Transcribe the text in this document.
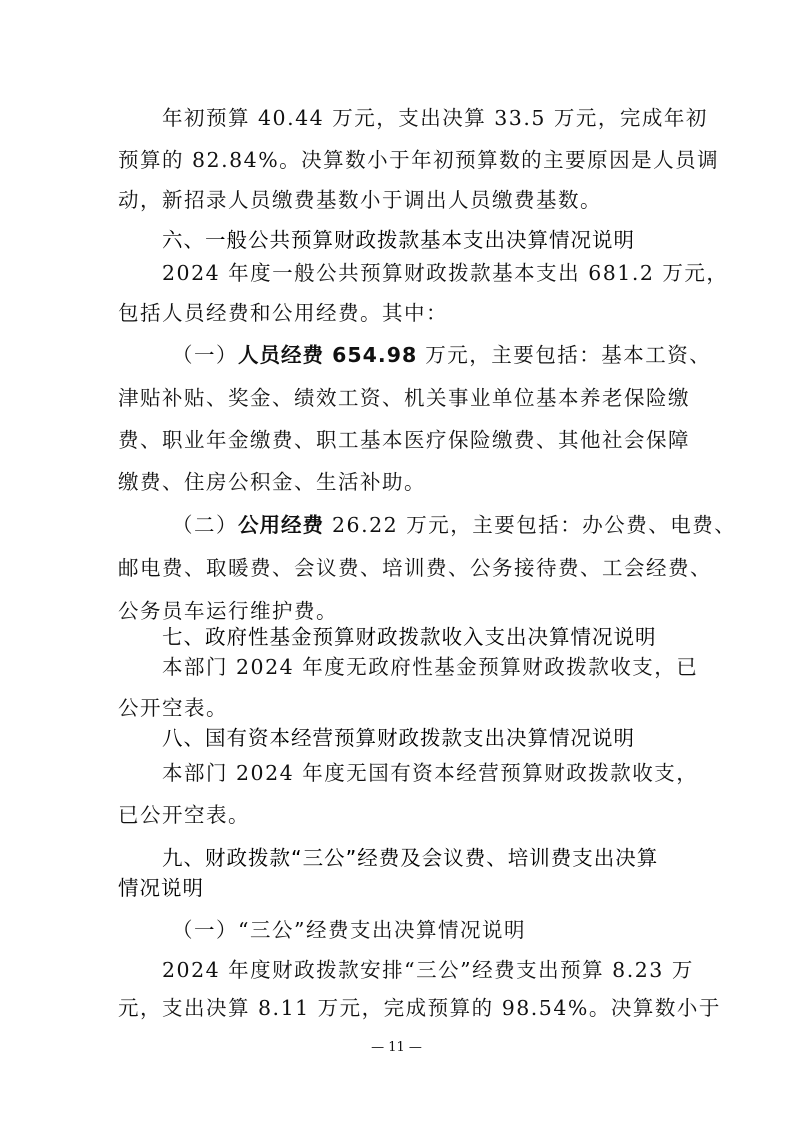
年初预算 40.44 万元，支出决算 33.5 万元，完成年初
预算的 82.84%。决算数小于年初预算数的主要原因是人员调
动，新招录人员缴费基数小于调出人员缴费基数。
六、一般公共预算财政拨款基本支出决算情况说明
2024 年度一般公共预算财政拨款基本支出 681.2 万元，
包括人员经费和公用经费。其中：
（一）人员经费 654.98 万元，主要包括：基本工资、
津贴补贴、奖金、绩效工资、机关事业单位基本养老保险缴
费、职业年金缴费、职工基本医疗保险缴费、其他社会保障
缴费、住房公积金、生活补助。
（二）公用经费 26.22 万元，主要包括：办公费、电费、
邮电费、取暖费、会议费、培训费、公务接待费、工会经费、
公务员车运行维护费。
七、政府性基金预算财政拨款收入支出决算情况说明
本部门 2024 年度无政府性基金预算财政拨款收支，已
公开空表。
八、国有资本经营预算财政拨款支出决算情况说明
本部门 2024 年度无国有资本经营预算财政拨款收支，
已公开空表。
九、财政拨款“三公”经费及会议费、培训费支出决算
情况说明
（一）“三公”经费支出决算情况说明
2024 年度财政拨款安排“三公”经费支出预算 8.23 万
元，支出决算 8.11 万元，完成预算的 98.54%。决算数小于
— 11 —
